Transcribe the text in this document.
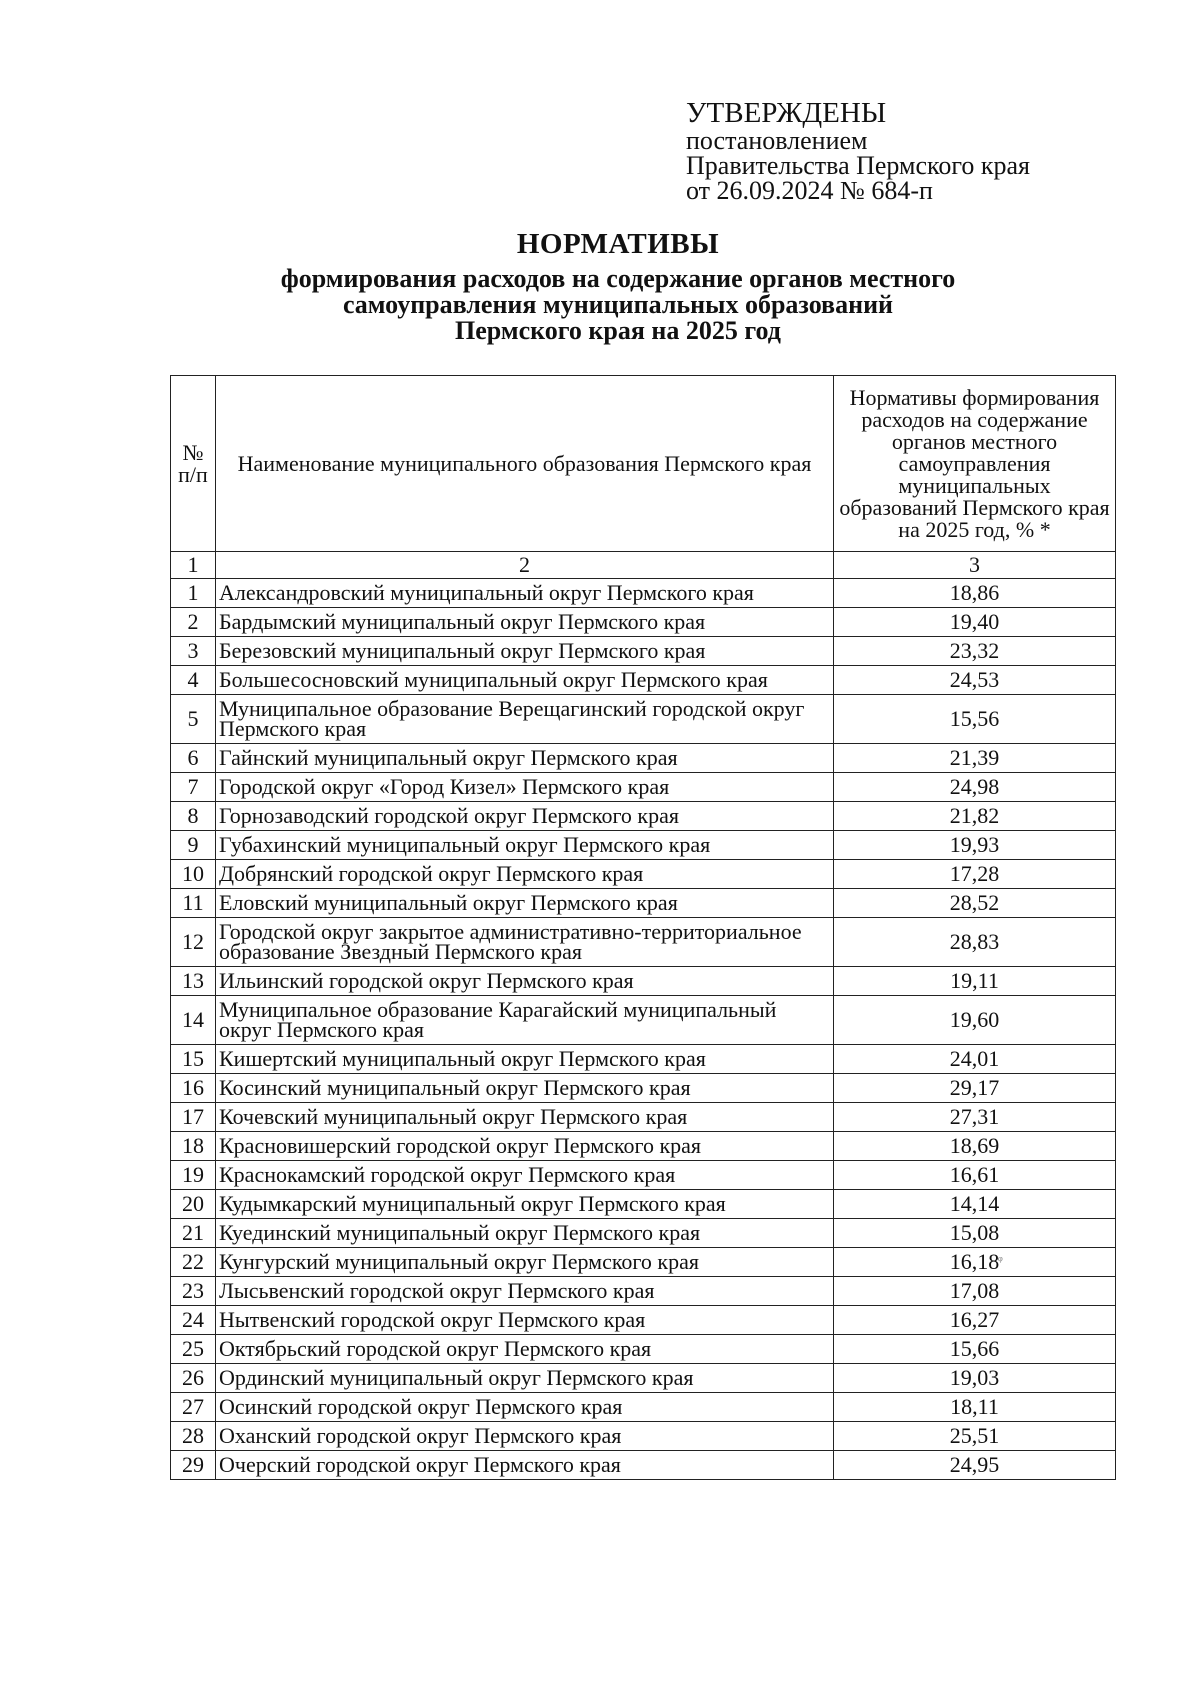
УТВЕРЖДЕНЫ
постановлением
Правительства Пермского края
от 26.09.2024 № 684-п
НОРМАТИВЫ
формирования расходов на содержание органов местного
самоуправления муниципальных образований
Пермского края на 2025 год
№ п/п	Наименование муниципального образования Пермского края	Нормативы формирования расходов на содержание органов местного самоуправления муниципальных образований Пермского края на 2025 год, % *
1	2	3
1	Александровский муниципальный округ Пермского края	18,86
2	Бардымский муниципальный округ Пермского края	19,40
3	Березовский муниципальный округ Пермского края	23,32
4	Большесосновский муниципальный округ Пермского края	24,53
5	Муниципальное образование Верещагинский городской округ Пермского края	15,56
6	Гайнский муниципальный округ Пермского края	21,39
7	Городской округ «Город Кизел» Пермского края	24,98
8	Горнозаводский городской округ Пермского края	21,82
9	Губахинский муниципальный округ Пермского края	19,93
10	Добрянский городской округ Пермского края	17,28
11	Еловский муниципальный округ Пермского края	28,52
12	Городской округ закрытое административно-территориальное образование Звездный Пермского края	28,83
13	Ильинский городской округ Пермского края	19,11
14	Муниципальное образование Карагайский муниципальный округ Пермского края	19,60
15	Кишертский муниципальный округ Пермского края	24,01
16	Косинский муниципальный округ Пермского края	29,17
17	Кочевский муниципальный округ Пермского края	27,31
18	Красновишерский городской округ Пермского края	18,69
19	Краснокамский городской округ Пермского края	16,61
20	Кудымкарский муниципальный округ Пермского края	14,14
21	Куединский муниципальный округ Пермского края	15,08
22	Кунгурский муниципальный округ Пермского края	16,18
23	Лысьвенский городской округ Пермского края	17,08
24	Нытвенский городской округ Пермского края	16,27
25	Октябрьский городской округ Пермского края	15,66
26	Ординский муниципальный округ Пермского края	19,03
27	Осинский городской округ Пермского края	18,11
28	Оханский городской округ Пермского края	25,51
29	Очерский городской округ Пермского края	24,95
ᵠ
